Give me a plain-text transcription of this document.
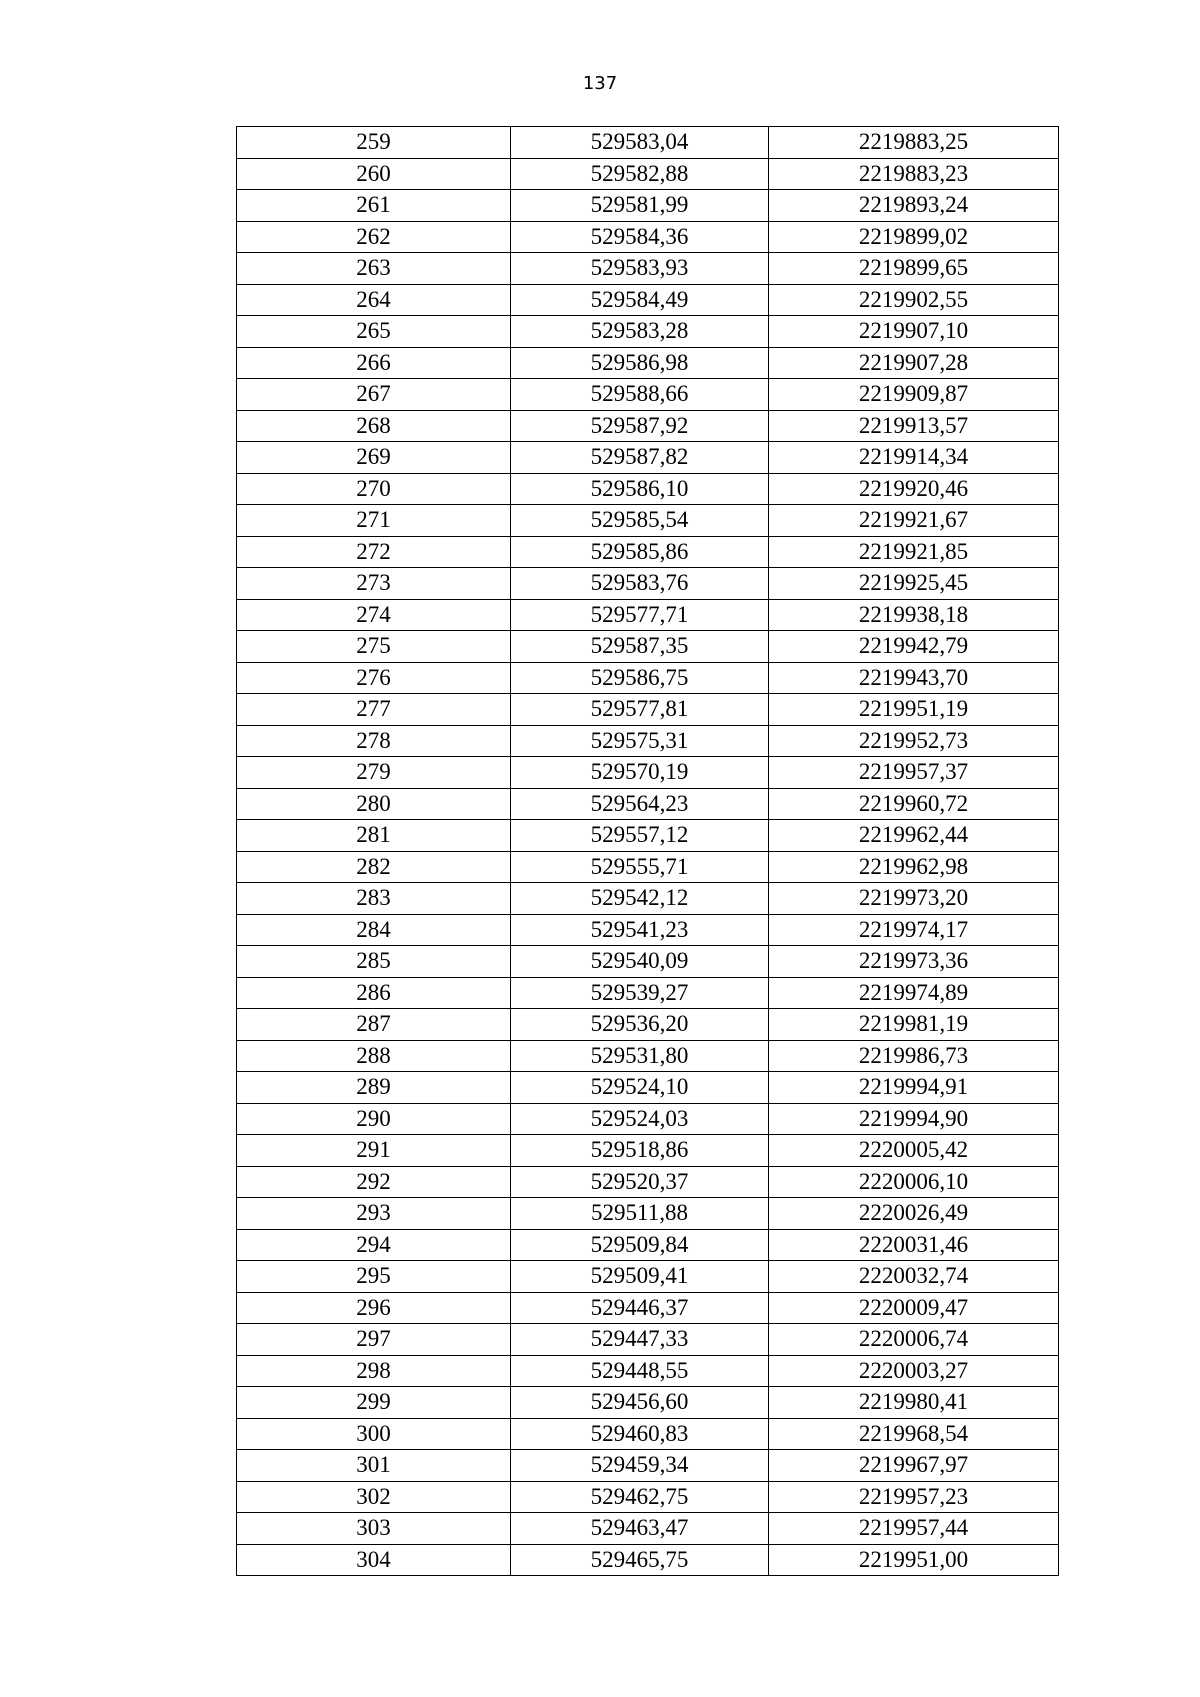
137
259	529583,04	2219883,25
260	529582,88	2219883,23
261	529581,99	2219893,24
262	529584,36	2219899,02
263	529583,93	2219899,65
264	529584,49	2219902,55
265	529583,28	2219907,10
266	529586,98	2219907,28
267	529588,66	2219909,87
268	529587,92	2219913,57
269	529587,82	2219914,34
270	529586,10	2219920,46
271	529585,54	2219921,67
272	529585,86	2219921,85
273	529583,76	2219925,45
274	529577,71	2219938,18
275	529587,35	2219942,79
276	529586,75	2219943,70
277	529577,81	2219951,19
278	529575,31	2219952,73
279	529570,19	2219957,37
280	529564,23	2219960,72
281	529557,12	2219962,44
282	529555,71	2219962,98
283	529542,12	2219973,20
284	529541,23	2219974,17
285	529540,09	2219973,36
286	529539,27	2219974,89
287	529536,20	2219981,19
288	529531,80	2219986,73
289	529524,10	2219994,91
290	529524,03	2219994,90
291	529518,86	2220005,42
292	529520,37	2220006,10
293	529511,88	2220026,49
294	529509,84	2220031,46
295	529509,41	2220032,74
296	529446,37	2220009,47
297	529447,33	2220006,74
298	529448,55	2220003,27
299	529456,60	2219980,41
300	529460,83	2219968,54
301	529459,34	2219967,97
302	529462,75	2219957,23
303	529463,47	2219957,44
304	529465,75	2219951,00
